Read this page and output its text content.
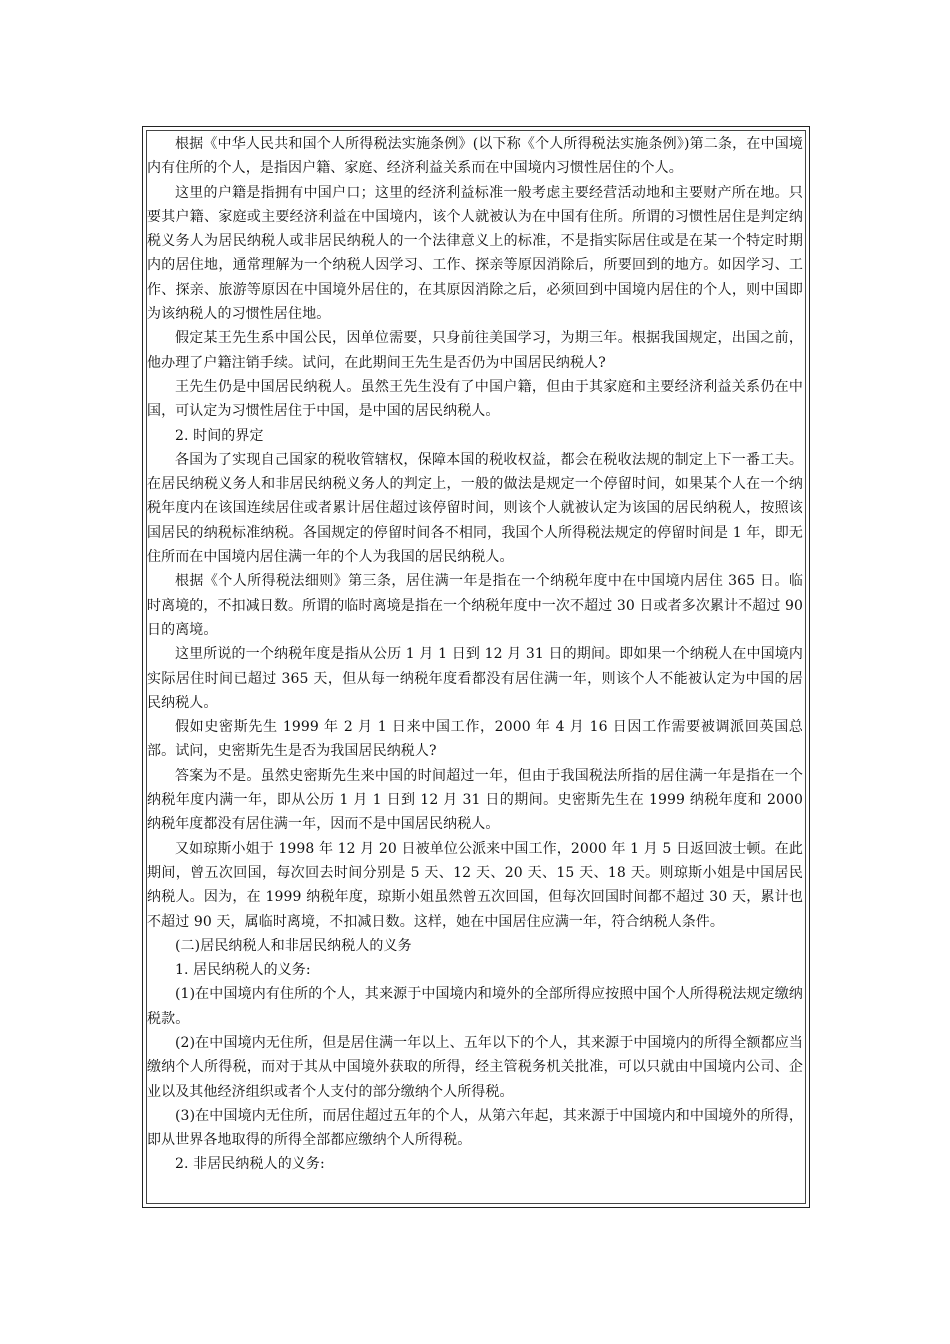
根据《中华人民共和国个人所得税法实施条例》(以下称《个人所得税法实施条例》)第二条，在中国境内有住所的个人，是指因户籍、家庭、经济利益关系而在中国境内习惯性居住的个人。

这里的户籍是指拥有中国户口；这里的经济利益标准一般考虑主要经营活动地和主要财产所在地。只要其户籍、家庭或主要经济利益在中国境内，该个人就被认为在中国有住所。所谓的习惯性居住是判定纳税义务人为居民纳税人或非居民纳税人的一个法律意义上的标准，不是指实际居住或是在某一个特定时期内的居住地，通常理解为一个纳税人因学习、工作、探亲等原因消除后，所要回到的地方。如因学习、工作、探亲、旅游等原因在中国境外居住的，在其原因消除之后，必须回到中国境内居住的个人，则中国即为该纳税人的习惯性居住地。

假定某王先生系中国公民，因单位需要，只身前往美国学习，为期三年。根据我国规定，出国之前，他办理了户籍注销手续。试问，在此期间王先生是否仍为中国居民纳税人?

王先生仍是中国居民纳税人。虽然王先生没有了中国户籍，但由于其家庭和主要经济利益关系仍在中国，可认定为习惯性居住于中国，是中国的居民纳税人。

2. 时间的界定

各国为了实现自己国家的税收管辖权，保障本国的税收权益，都会在税收法规的制定上下一番工夫。在居民纳税义务人和非居民纳税义务人的判定上，一般的做法是规定一个停留时间，如果某个人在一个纳税年度内在该国连续居住或者累计居住超过该停留时间，则该个人就被认定为该国的居民纳税人，按照该国居民的纳税标准纳税。各国规定的停留时间各不相同，我国个人所得税法规定的停留时间是 1 年，即无住所而在中国境内居住满一年的个人为我国的居民纳税人。

根据《个人所得税法细则》第三条，居住满一年是指在一个纳税年度中在中国境内居住 365 日。临时离境的，不扣减日数。所谓的临时离境是指在一个纳税年度中一次不超过 30 日或者多次累计不超过 90 日的离境。

这里所说的一个纳税年度是指从公历 1 月 1 日到 12 月 31 日的期间。即如果一个纳税人在中国境内实际居住时间已超过 365 天，但从每一纳税年度看都没有居住满一年，则该个人不能被认定为中国的居民纳税人。

假如史密斯先生 1999 年 2 月 1 日来中国工作，2000 年 4 月 16 日因工作需要被调派回英国总部。试问，史密斯先生是否为我国居民纳税人?

答案为不是。虽然史密斯先生来中国的时间超过一年，但由于我国税法所指的居住满一年是指在一个纳税年度内满一年，即从公历 1 月 1 日到 12 月 31 日的期间。史密斯先生在 1999 纳税年度和 2000 纳税年度都没有居住满一年，因而不是中国居民纳税人。

又如琼斯小姐于 1998 年 12 月 20 日被单位公派来中国工作，2000 年 1 月 5 日返回波士顿。在此期间，曾五次回国，每次回去时间分别是 5 天、12 天、20 天、15 天、18 天。则琼斯小姐是中国居民纳税人。因为，在 1999 纳税年度，琼斯小姐虽然曾五次回国，但每次回国时间都不超过 30 天，累计也不超过 90 天，属临时离境，不扣减日数。这样，她在中国居住应满一年，符合纳税人条件。

(二)居民纳税人和非居民纳税人的义务

1. 居民纳税人的义务:

(1)在中国境内有住所的个人，其来源于中国境内和境外的全部所得应按照中国个人所得税法规定缴纳税款。

(2)在中国境内无住所，但是居住满一年以上、五年以下的个人，其来源于中国境内的所得全额都应当缴纳个人所得税，而对于其从中国境外获取的所得，经主管税务机关批准，可以只就由中国境内公司、企业以及其他经济组织或者个人支付的部分缴纳个人所得税。

(3)在中国境内无住所，而居住超过五年的个人，从第六年起，其来源于中国境内和中国境外的所得，即从世界各地取得的所得全部都应缴纳个人所得税。

2. 非居民纳税人的义务:
